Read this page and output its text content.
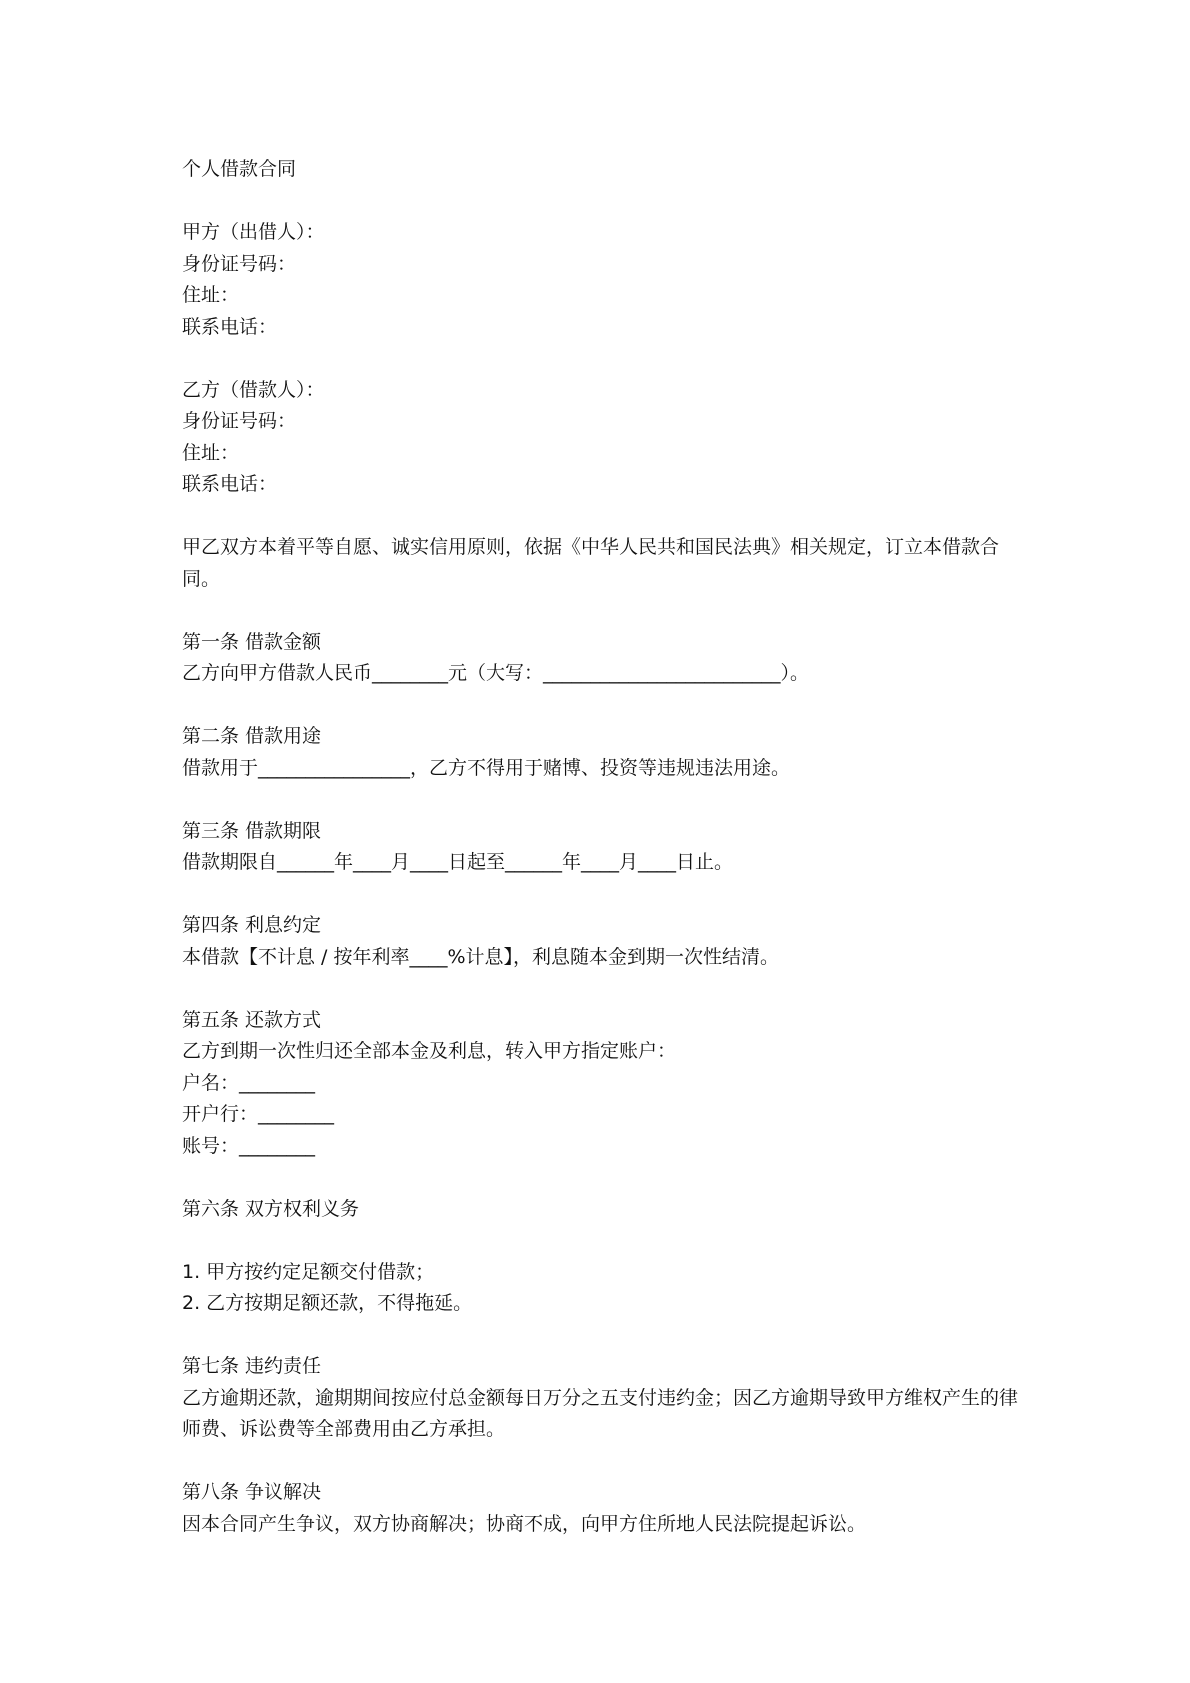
个人借款合同
甲方（出借人）：
身份证号码：
住址：
联系电话：
乙方（借款人）：
身份证号码：
住址：
联系电话：
甲乙双方本着平等自愿、诚实信用原则，依据《中华人民共和国民法典》相关规定，订立本借款合同。
第一条 借款金额
乙方向甲方借款人民币________元（大写：_________________________）。
第二条 借款用途
借款用于________________，乙方不得用于赌博、投资等违规违法用途。
第三条 借款期限
借款期限自______年____月____日起至______年____月____日止。
第四条 利息约定
本借款【不计息 / 按年利率____%计息】，利息随本金到期一次性结清。
第五条 还款方式
乙方到期一次性归还全部本金及利息，转入甲方指定账户：
户名：________
开户行：________
账号：________
第六条 双方权利义务
1. 甲方按约定足额交付借款；
2. 乙方按期足额还款，不得拖延。
第七条 违约责任
乙方逾期还款，逾期期间按应付总金额每日万分之五支付违约金；因乙方逾期导致甲方维权产生的律师费、诉讼费等全部费用由乙方承担。
第八条 争议解决
因本合同产生争议，双方协商解决；协商不成，向甲方住所地人民法院提起诉讼。
